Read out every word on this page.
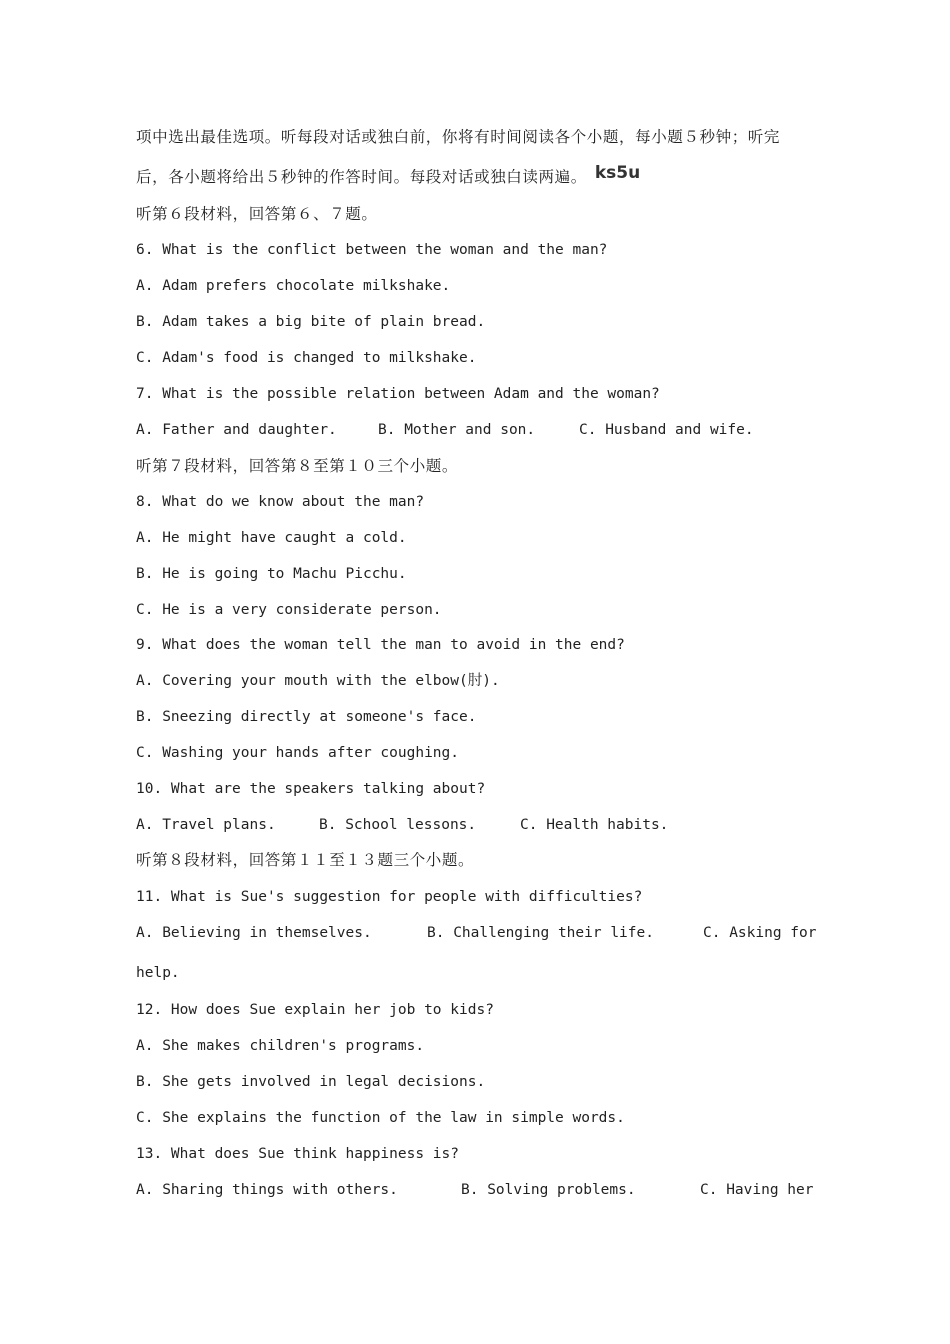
项中选出最佳选项。听每段对话或独白前，你将有时间阅读各个小题，每小题５秒钟；听完
后，各小题将给出５秒钟的作答时间。每段对话或独白读两遍。 ks5u
听第６段材料，回答第６、７题。
6. What is the conflict between the woman and the man?
A. Adam prefers chocolate milkshake.
B. Adam takes a big bite of plain bread.
C. Adam's food is changed to milkshake.
7. What is the possible relation between Adam and the woman?

A. Father and daughter.

	B. Mother and son.

	C. Husband and wife.

听第７段材料，回答第８至第１０三个小题。
8. What do we know about the man?
A. He might have caught a cold.
B. He is going to Machu Picchu.
C. He is a very considerate person.
9. What does the woman tell the man to avoid in the end?
A. Covering your mouth with the elbow(肘).
B. Sneezing directly at someone's face.
C. Washing your hands after coughing.
10. What are the speakers talking about?

A. Travel plans.

	B. School lessons.

	C. Health habits.

听第８段材料，回答第１１至１３题三个小题。
11. What is Sue's suggestion for people with difficulties?

A. Believing in themselves.

	B. Challenging their life.

	C. Asking for

help.
12. How does Sue explain her job to kids?
A. She makes children's programs.
B. She gets involved in legal decisions.
C. She explains the function of the law in simple words.
13. What does Sue think happiness is?

A. Sharing things with others.

	B. Solving problems.

	C. Having her
